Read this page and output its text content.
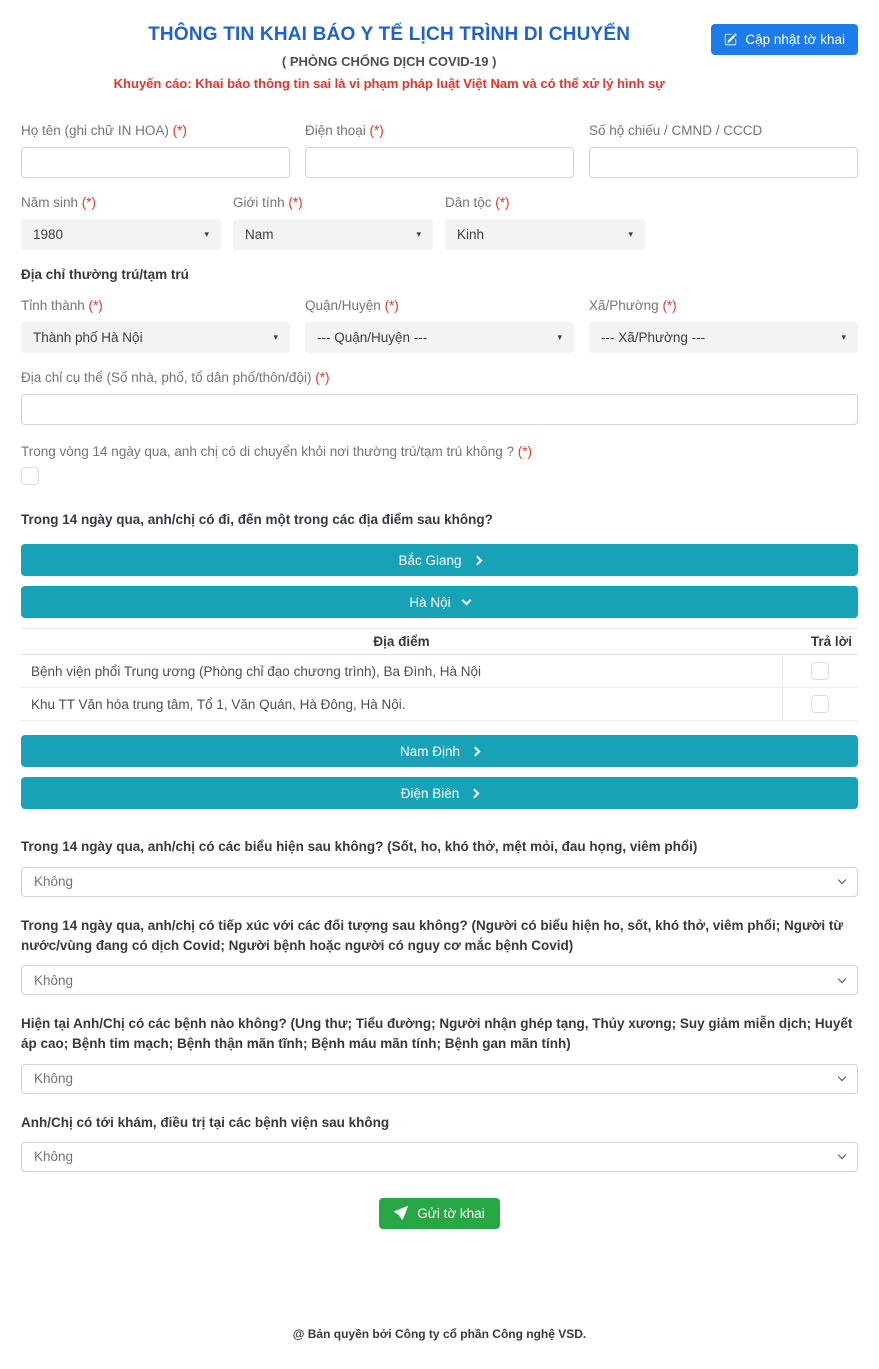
THÔNG TIN KHAI BÁO Y TẾ LỊCH TRÌNH DI CHUYỂN
( PHÒNG CHỐNG DỊCH COVID-19 )
Khuyến cáo: Khai báo thông tin sai là vi phạm pháp luật Việt Nam và có thể xử lý hình sự
Cập nhật tờ khai
Họ tên (ghi chữ IN HOA) (*)	Điện thoại (*)	Số hộ chiếu / CMND / CCCD
Năm sinh (*)
1980	▾
Giới tính (*)
Nam	▾
Dân tộc (*)
Kinh	▾
Địa chỉ thường trú/tạm trú
Tỉnh thành (*)
Thành phố Hà Nội	▾
Quận/Huyện (*)
--- Quận/Huyện ---	▾
Xã/Phường (*)
--- Xã/Phường ---	▾
Địa chỉ cụ thể (Số nhà, phố, tổ dân phố/thôn/đội) (*)
Trong vòng 14 ngày qua, anh chị có di chuyển khỏi nơi thường trú/tạm trú không ? (*)
Trong 14 ngày qua, anh/chị có đi, đến một trong các địa điểm sau không?
Bắc Giang
Hà Nội
Địa điểm	Trả lời
Bệnh viện phổi Trung ương (Phòng chỉ đạo chương trình), Ba Đình, Hà Nội	

Khu TT Văn hóa trung tâm, Tổ 1, Văn Quán, Hà Đông, Hà Nội.	
Nam Định
Điện Biên
Trong 14 ngày qua, anh/chị có các biểu hiện sau không? (Sốt, ho, khó thở, mệt mỏi, đau họng, viêm phổi)
Không
Trong 14 ngày qua, anh/chị có tiếp xúc với các đối tượng sau không? (Người có biểu hiện ho, sốt, khó thở, viêm phổi; Người từ nước/vùng đang có dịch Covid; Người bệnh hoặc người có nguy cơ mắc bệnh Covid)
Không
Hiện tại Anh/Chị có các bệnh nào không? (Ung thư; Tiểu đường; Người nhận ghép tạng, Thủy xương; Suy giảm miễn dịch; Huyết áp cao; Bệnh tim mạch; Bệnh thận mãn tĩnh; Bệnh máu mãn tính; Bệnh gan mãn tính)
Không
Anh/Chị có tới khám, điều trị tại các bệnh viện sau không
Không
Gửi tờ khai
@ Bản quyền bởi Công ty cổ phần Công nghệ VSD.
